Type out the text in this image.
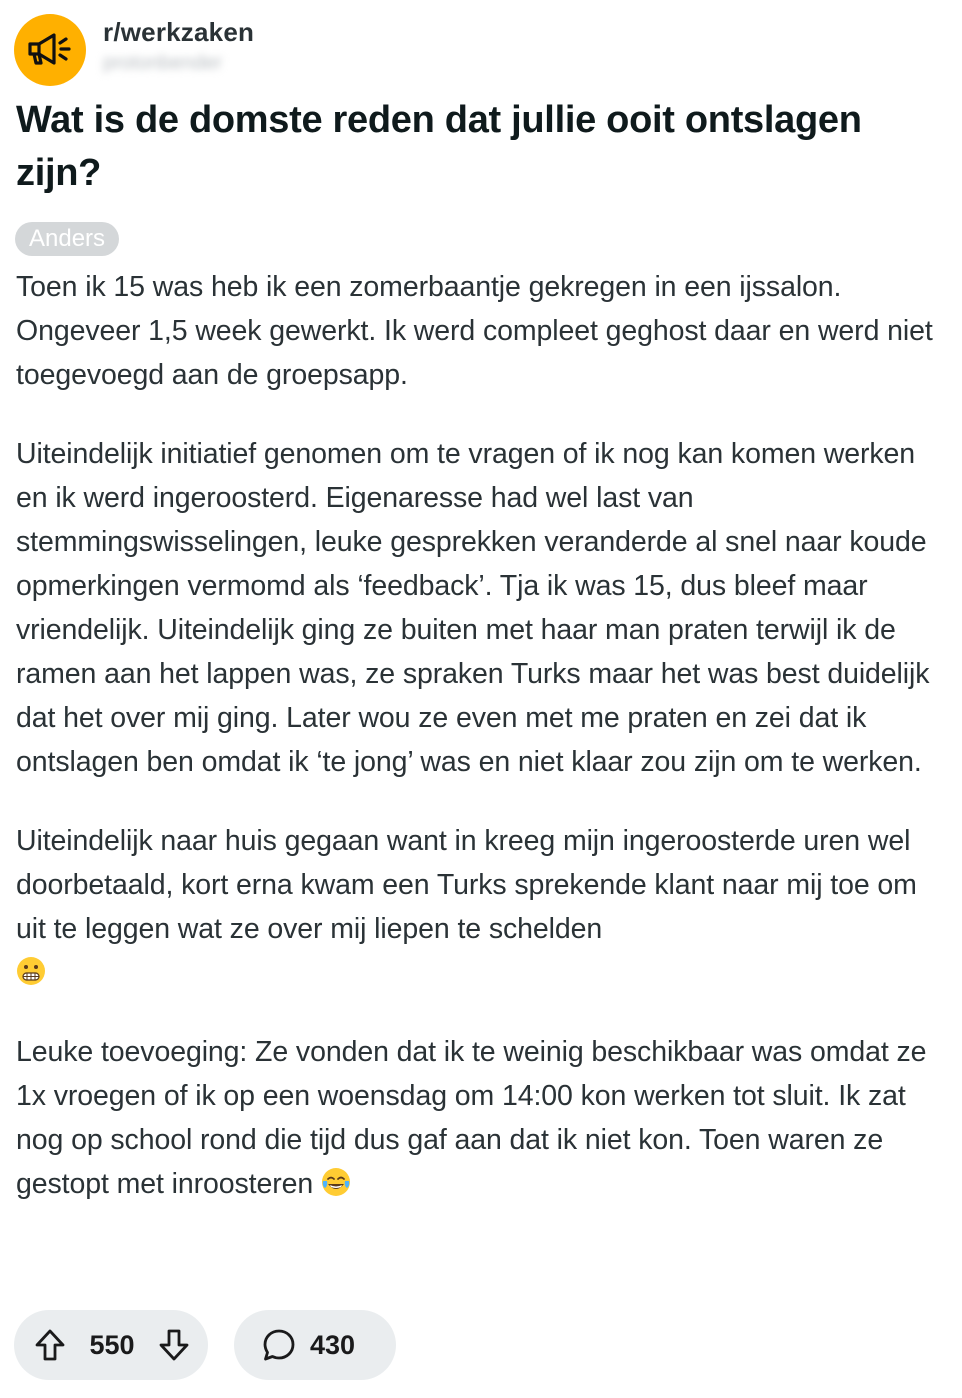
r/werkzaken
protonbender
Wat is de domste reden dat jullie ooit ontslagen zijn?
Anders

Toen ik 15 was heb ik een zomerbaantje gekregen in een ijssalon. Ongeveer 1,5 week gewerkt. Ik werd compleet geghost daar en werd niet toegevoegd aan de groepsapp.

Uiteindelijk initiatief genomen om te vragen of ik nog kan komen werken en ik werd ingeroosterd. Eigenaresse had wel last van stemmingswisselingen, leuke gesprekken veranderde al snel naar koude opmerkingen vermomd als ‘feedback’. Tja ik was 15, dus bleef maar vriendelijk. Uiteindelijk ging ze buiten met haar man praten terwijl ik de ramen aan het lappen was, ze spraken Turks maar het was best duidelijk dat het over mij ging. Later wou ze even met me praten en zei dat ik ontslagen ben omdat ik ‘te jong’ was en niet klaar zou zijn om te werken.

Uiteindelijk naar huis gegaan want in kreeg mijn ingeroosterde uren wel doorbetaald, kort erna kwam een Turks sprekende klant naar mij toe om uit te leggen wat ze over mij liepen te schelden

Leuke toevoeging: Ze vonden dat ik te weinig beschikbaar was omdat ze 1x vroegen of ik op een woensdag om 14:00 kon werken tot sluit. Ik zat nog op school rond die tijd dus gaf aan dat ik niet kon. Toen waren ze gestopt met inroosteren

550	430
